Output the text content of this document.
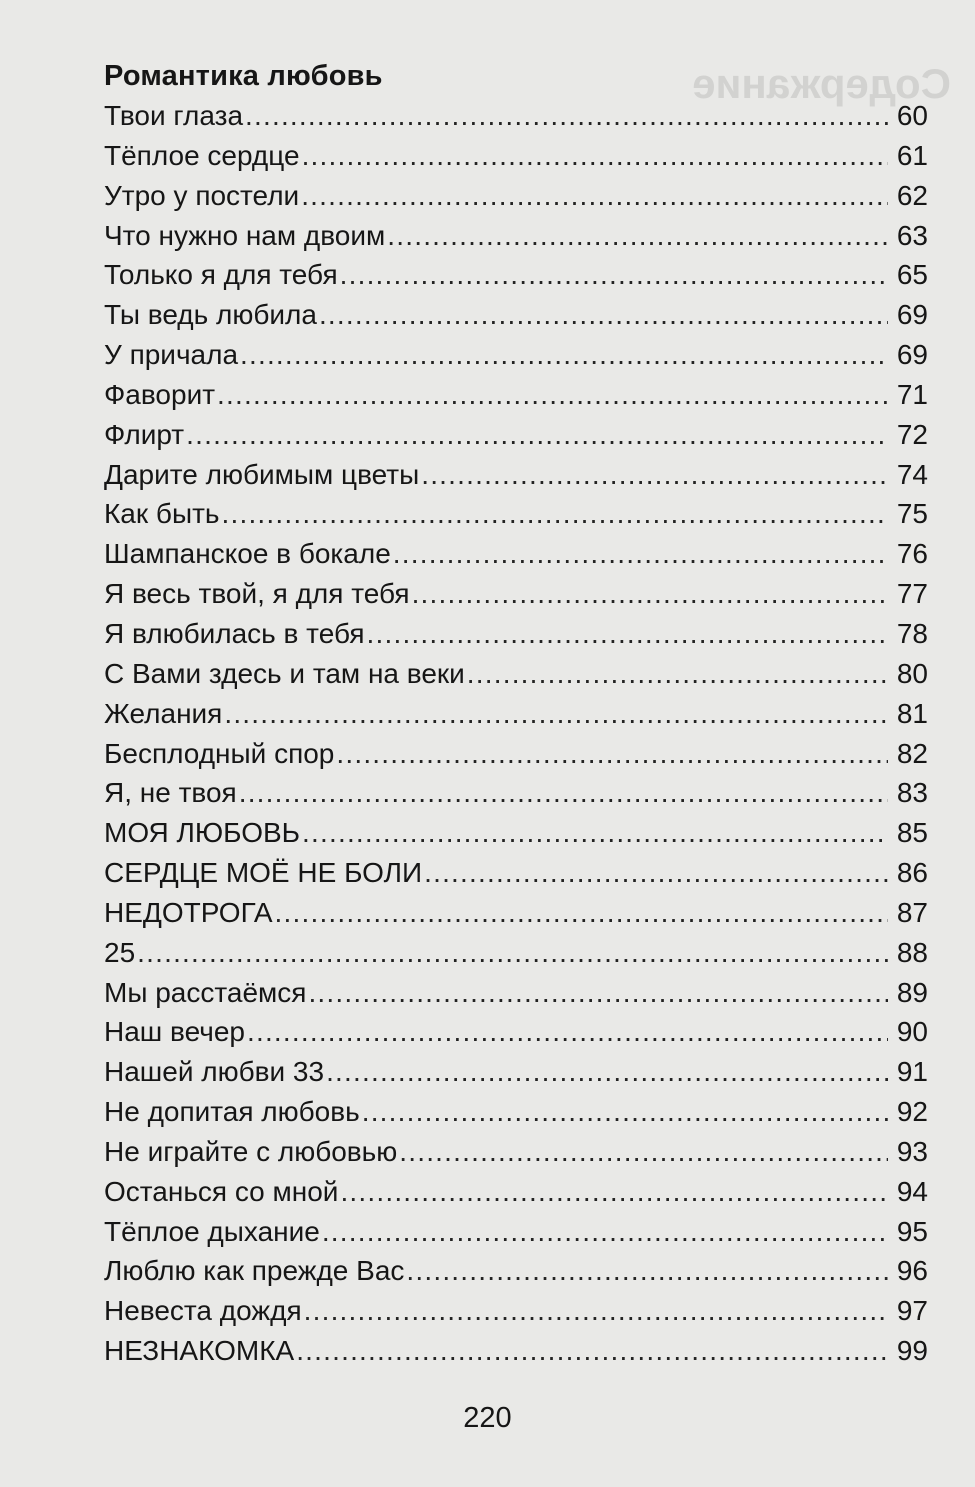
Содержание
Романтика любовь
Твои глаза .....	60
Тёплое сердце .....	61
Утро у постели .....	62
Что нужно нам двоим .....	63
Только я для тебя .....	65
Ты ведь любила .....	69
У причала .....	69
Фаворит .....	71
Флирт .....	72
Дарите любимым цветы .....	74
Как быть .....	75
Шампанское в бокале .....	76
Я весь твой, я для тебя .....	77
Я влюбилась в тебя .....	78
С Вами здесь и там на веки .....	80
Желания .....	81
Бесплодный спор .....	82
Я, не твоя .....	83
МОЯ ЛЮБОВЬ .....	85
СЕРДЦЕ МОЁ НЕ БОЛИ .....	86
НЕДОТРОГА .....	87
25 .....	88
Мы расстаёмся .....	89
Наш вечер .....	90
Нашей любви 33 .....	91
Не допитая любовь .....	92
Не играйте с любовью .....	93
Останься со мной .....	94
Тёплое дыхание .....	95
Люблю как прежде Вас .....	96
Невеста дождя .....	97
НЕЗНАКОМКА .....	99
220
